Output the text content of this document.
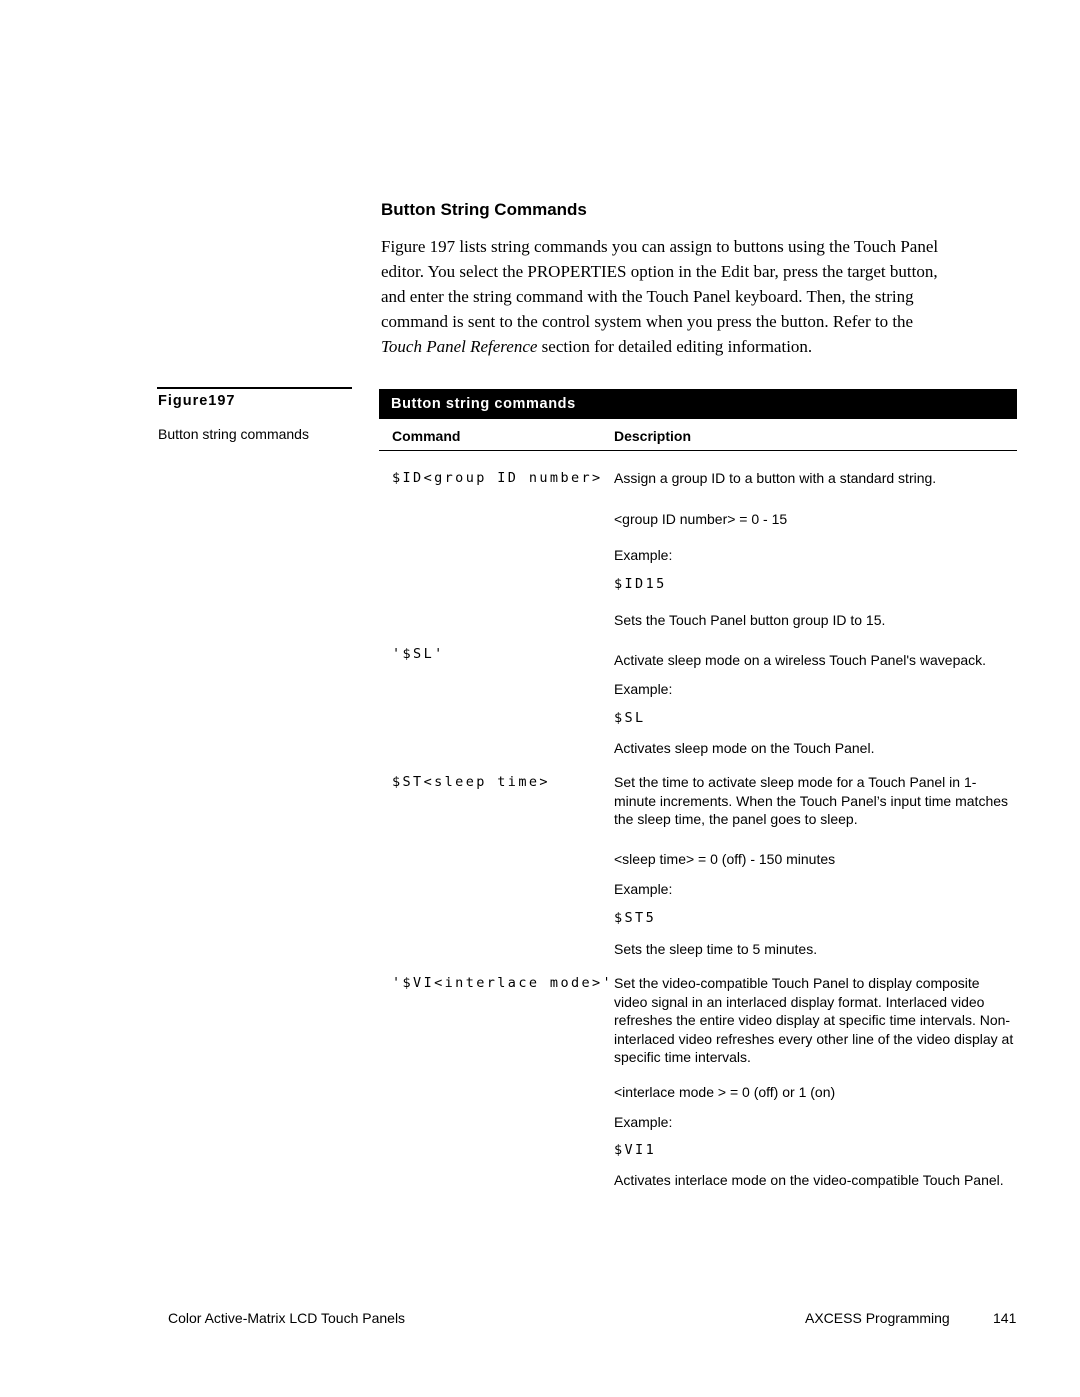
Button String Commands
Figure 197 lists string commands you can assign to buttons using the Touch Panel
editor. You select the PROPERTIES option in the Edit bar, press the target button,
and enter the string command with the Touch Panel keyboard. Then, the string
command is sent to the control system when you press the button. Refer to the
Touch Panel Reference section for detailed editing information.
Figure197
Button string commands
Button string commands
Command	Description
$ID<group ID number> Assign a group ID to a button with a standard string.
<group ID number> = 0 - 15
Example:
$ID15
Sets the Touch Panel button group ID to 15.
'$SL'	Activate sleep mode on a wireless Touch Panel's wavepack.
Example:
$SL
Activates sleep mode on the Touch Panel.
$ST<sleep time>	Set the time to activate sleep mode for a Touch Panel in 1-minute increments. When the Touch Panel’s input time matches the sleep time, the panel goes to sleep.
<sleep time> = 0 (off) - 150 minutes
Example:
$ST5
Sets the sleep time to 5 minutes.
'$VI<interlace mode>' Set the video-compatible Touch Panel to display composite video signal in an interlaced display format. Interlaced video refreshes the entire video display at specific time intervals. Non-interlaced video refreshes every other line of the video display at specific time intervals.
<interlace mode > = 0 (off) or 1 (on)
Example:
$VI1
Activates interlace mode on the video-compatible Touch Panel.
Color Active-Matrix LCD Touch Panels	AXCESS Programming	141
